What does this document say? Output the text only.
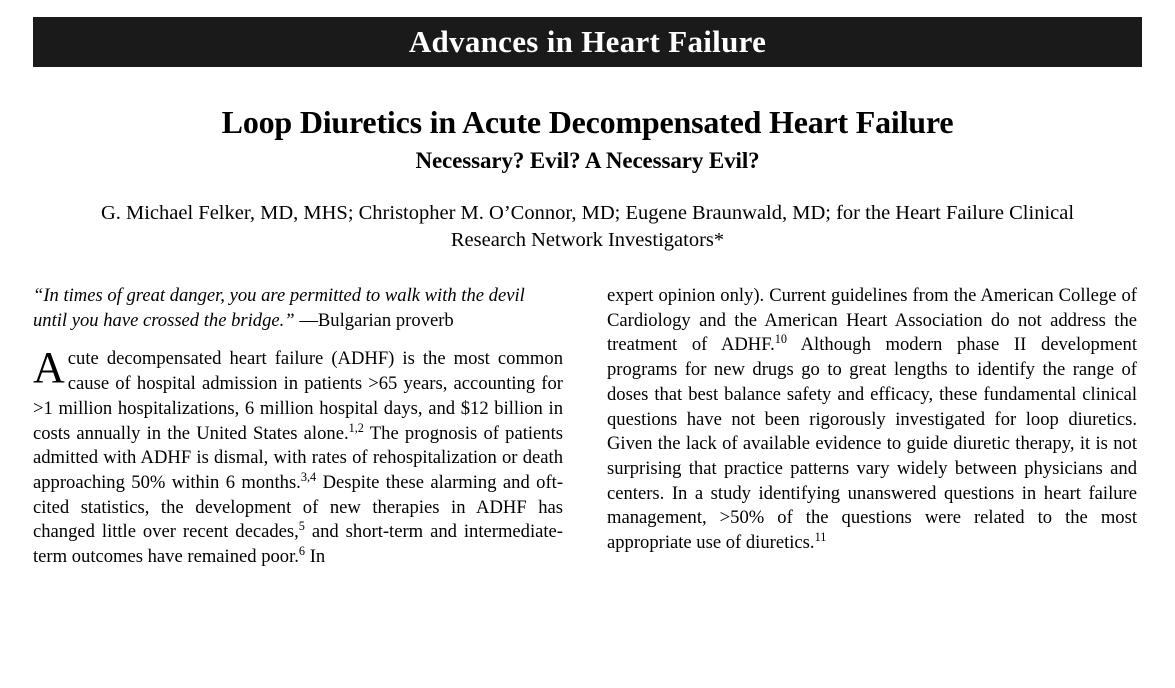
Advances in Heart Failure
Loop Diuretics in Acute Decompensated Heart Failure
Necessary? Evil? A Necessary Evil?
G. Michael Felker, MD, MHS; Christopher M. O’Connor, MD; Eugene Braunwald, MD; for the Heart Failure Clinical Research Network Investigators*

“In times of great danger, you are permitted to walk with the devil until you have crossed the bridge.” —Bulgarian proverb

Acute decompensated heart failure (ADHF) is the most common cause of hospital admission in patients >65 years, accounting for >1 million hospitalizations, 6 million hospital days, and $12 billion in costs annually in the United States alone.$^{1,2}$ The prognosis of patients admitted with ADHF is dismal, with rates of rehospitalization or death approaching 50% within 6 months.$^{3,4}$ Despite these alarming and oft-cited statistics, the development of new therapies in ADHF has changed little over recent decades,$^5$ and short-term and intermediate-term outcomes have remained poor.$^6$ In

expert opinion only). Current guidelines from the American College of Cardiology and the American Heart Association do not address the treatment of ADHF.$^{10}$ Although modern phase II development programs for new drugs go to great lengths to identify the range of doses that best balance safety and efficacy, these fundamental clinical questions have not been rigorously investigated for loop diuretics. Given the lack of available evidence to guide diuretic therapy, it is not surprising that practice patterns vary widely between physicians and centers. In a study identifying unanswered questions in heart failure management, >50% of the questions were related to the most appropriate use of diuretics.$^{11}$
